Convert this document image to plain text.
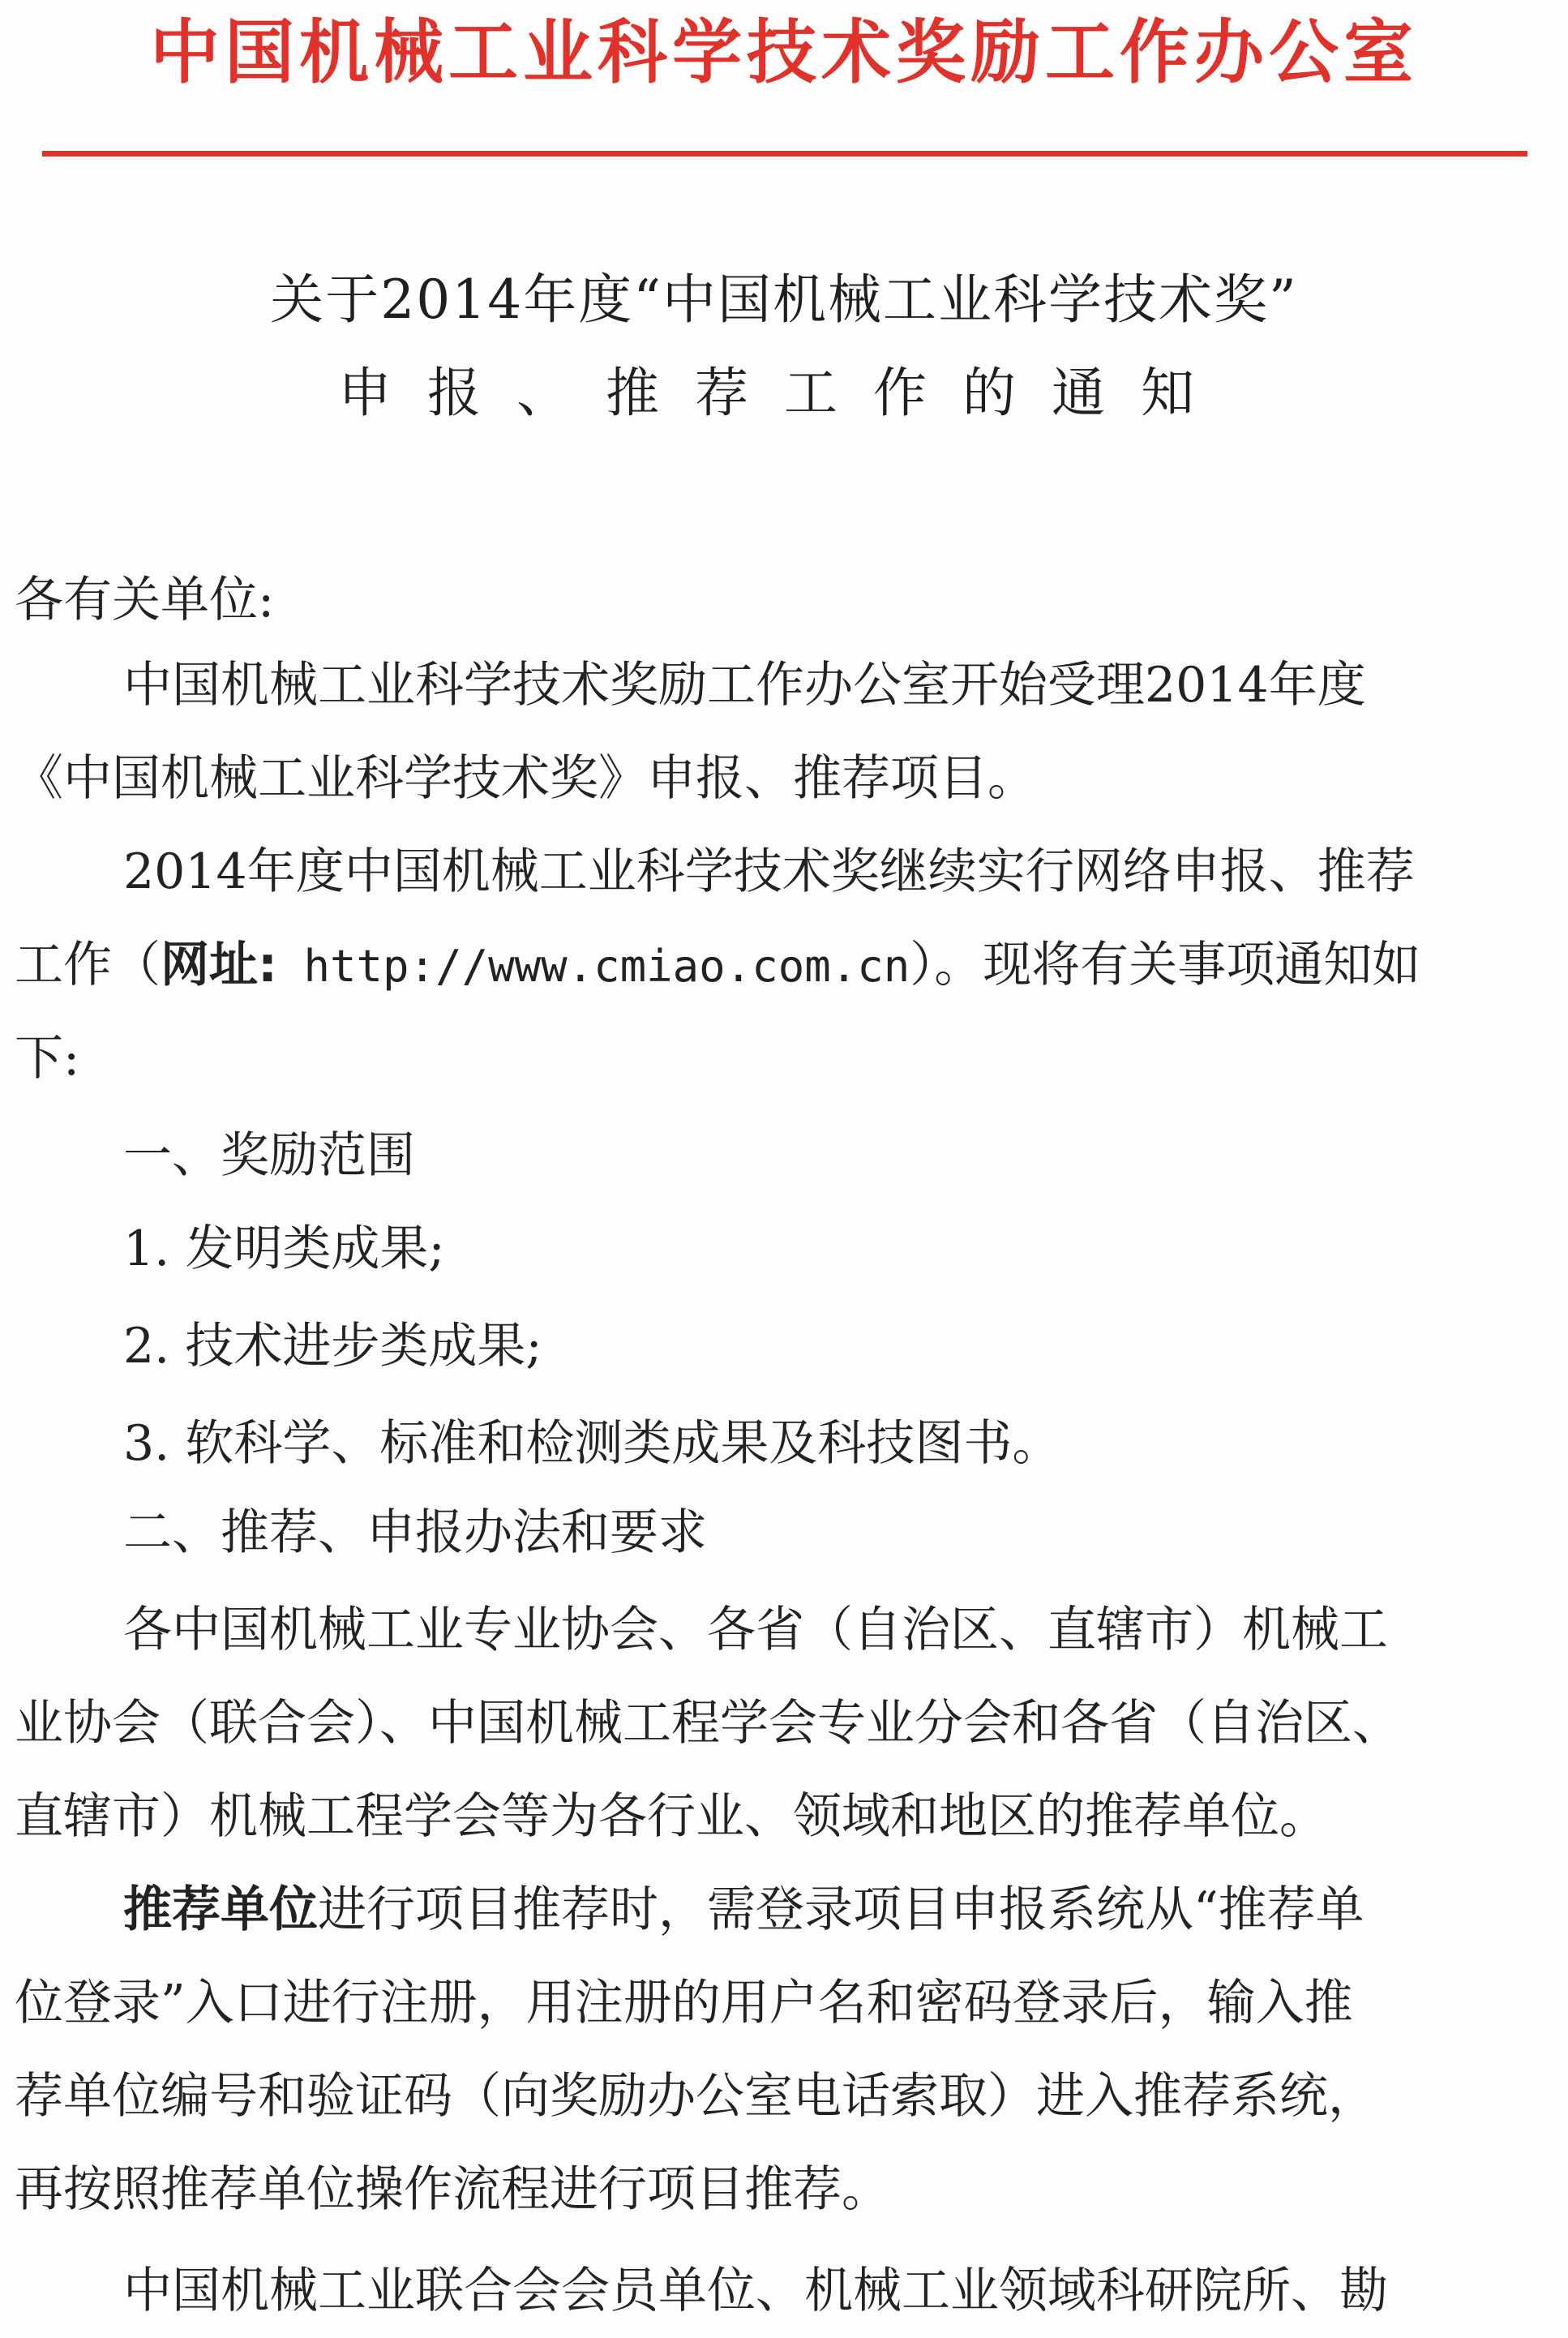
中国机械工业科学技术奖励工作办公室
关于2014年度“中国机械工业科学技术奖”
申报、推荐工作的通知
各有关单位:
中国机械工业科学技术奖励工作办公室开始受理2014年度
《中国机械工业科学技术奖》申报、推荐项目。
2014年度中国机械工业科学技术奖继续实行网络申报、推荐
工作（网址: http://www.cmiao.com.cn）。现将有关事项通知如
下:
一、奖励范围
1. 发明类成果;
2. 技术进步类成果;
3. 软科学、标准和检测类成果及科技图书。
二、推荐、申报办法和要求
各中国机械工业专业协会、各省（自治区、直辖市）机械工
业协会（联合会）、中国机械工程学会专业分会和各省（自治区、
直辖市）机械工程学会等为各行业、领域和地区的推荐单位。
推荐单位进行项目推荐时，需登录项目申报系统从“推荐单
位登录”入口进行注册，用注册的用户名和密码登录后，输入推
荐单位编号和验证码（向奖励办公室电话索取）进入推荐系统，
再按照推荐单位操作流程进行项目推荐。
中国机械工业联合会会员单位、机械工业领域科研院所、勘
